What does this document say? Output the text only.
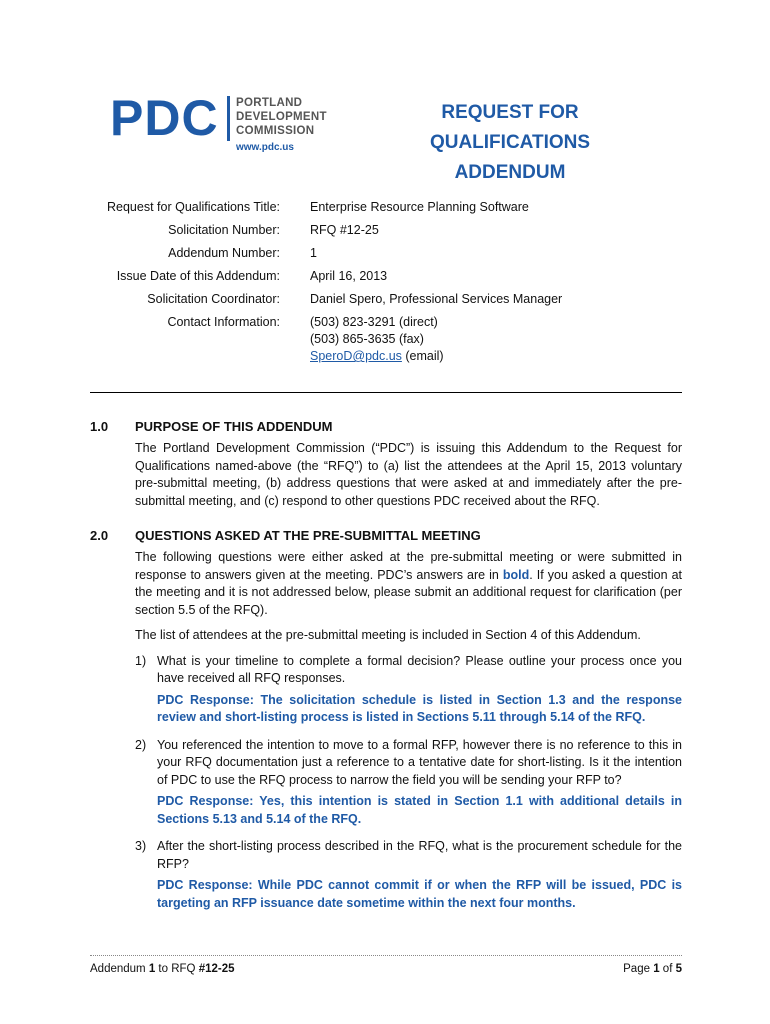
PDC PORTLAND
DEVELOPMENT
COMMISSION
www.pdc.us
REQUEST FOR QUALIFICATIONS
ADDENDUM
Request for Qualifications Title:	Enterprise Resource Planning Software
Solicitation Number:	RFQ #12-25
Addendum Number:	1
Issue Date of this Addendum:	April 16, 2013
Solicitation Coordinator:	Daniel Spero, Professional Services Manager
Contact Information:	(503) 823-3291 (direct)
(503) 865-3635 (fax)
SperoD@pdc.us (email)
1.0	PURPOSE OF THIS ADDENDUM

The Portland Development Commission (“PDC”) is issuing this Addendum to the Request for Qualifications named-above (the “RFQ”) to (a) list the attendees at the April 15, 2013 voluntary pre-submittal meeting, (b) address questions that were asked at and immediately after the pre-submittal meeting, and (c) respond to other questions PDC received about the RFQ.

2.0	QUESTIONS ASKED AT THE PRE-SUBMITTAL MEETING

The following questions were either asked at the pre-submittal meeting or were submitted in response to answers given at the meeting. PDC’s answers are in bold. If you asked a question at the meeting and it is not addressed below, please submit an additional request for clarification (per section 5.5 of the RFQ).

The list of attendees at the pre-submittal meeting is included in Section 4 of this Addendum.

1) What is your timeline to complete a formal decision? Please outline your process once you have received all RFQ responses.
PDC Response: The solicitation schedule is listed in Section 1.3 and the response review and short-listing process is listed in Sections 5.11 through 5.14 of the RFQ.
2) You referenced the intention to move to a formal RFP, however there is no reference to this in your RFQ documentation just a reference to a tentative date for short-listing. Is it the intention of PDC to use the RFQ process to narrow the field you will be sending your RFP to?
PDC Response: Yes, this intention is stated in Section 1.1 with additional details in Sections 5.13 and 5.14 of the RFQ.
3) After the short-listing process described in the RFQ, what is the procurement schedule for the RFP?
PDC Response: While PDC cannot commit if or when the RFP will be issued, PDC is targeting an RFP issuance date sometime within the next four months.
Addendum 1 to RFQ #12-25	Page 1 of 5
